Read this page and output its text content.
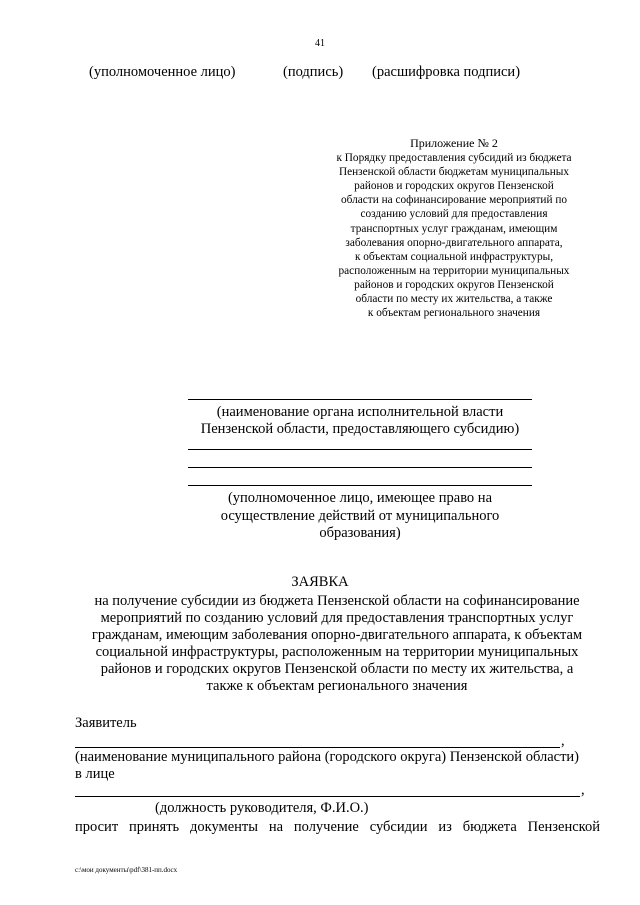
41
(уполномоченное лицо)	(подпись) (расшифровка подписи)
Приложение № 2
к Порядку предоставления субсидий из бюджета
Пензенской области бюджетам муниципальных
районов и городских округов Пензенской
области на софинансирование мероприятий по
созданию условий для предоставления
транспортных услуг гражданам, имеющим
заболевания опорно-двигательного аппарата,
к объектам социальной инфраструктуры,
расположенным на территории муниципальных
районов и городских округов Пензенской
области по месту их жительства, а также
к объектам регионального значения
(наименование органа исполнительной власти
Пензенской области, предоставляющего субсидию)
(уполномоченное лицо, имеющее право на
осуществление действий от муниципального
образования)
ЗАЯВКА
на получение субсидии из бюджета Пензенской области на софинансирование
мероприятий по созданию условий для предоставления транспортных услуг
гражданам, имеющим заболевания опорно-двигательного аппарата, к объектам
социальной инфраструктуры, расположенным на территории муниципальных
районов и городских округов Пензенской области по месту их жительства, а
также к объектам регионального значения
Заявитель
,
(наименование муниципального района (городского округа) Пензенской области)
в лице
,
(должность руководителя, Ф.И.О.)
просит принять документы на получение субсидии из бюджета Пензенской
c:\мои документы\pdf\381-пп.docx
